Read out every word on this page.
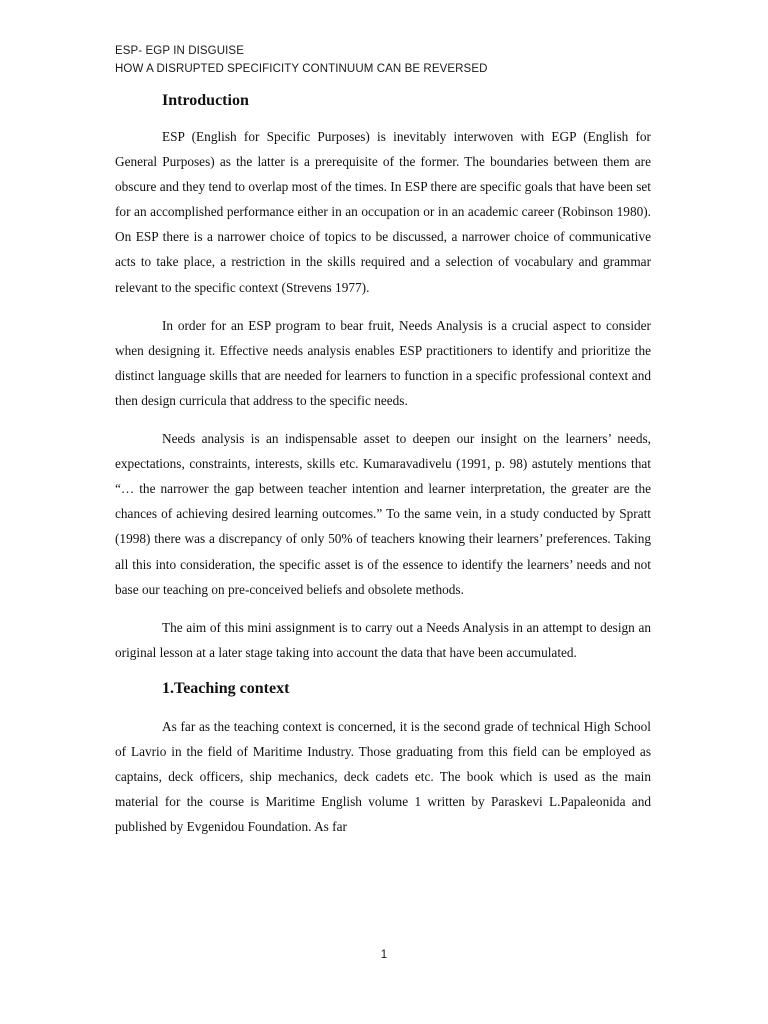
ESP- EGP IN DISGUISE
HOW A DISRUPTED SPECIFICITY CONTINUUM CAN BE REVERSED
Introduction

ESP (English for Specific Purposes) is inevitably interwoven with EGP (English for General Purposes) as the latter is a prerequisite of the former. The boundaries between them are obscure and they tend to overlap most of the times. In ESP there are specific goals that have been set for an accomplished performance either in an occupation or in an academic career (Robinson 1980). On ESP there is a narrower choice of topics to be discussed, a narrower choice of communicative acts to take place, a restriction in the skills required and a selection of vocabulary and grammar relevant to the specific context (Strevens 1977).

In order for an ESP program to bear fruit, Needs Analysis is a crucial aspect to consider when designing it. Effective needs analysis enables ESP practitioners to identify and prioritize the distinct language skills that are needed for learners to function in a specific professional context and then design curricula that address to the specific needs.

Needs analysis is an indispensable asset to deepen our insight on the learners’ needs, expectations, constraints, interests, skills etc. Kumaravadivelu (1991, p. 98) astutely mentions that “… the narrower the gap between teacher intention and learner interpretation, the greater are the chances of achieving desired learning outcomes.” To the same vein, in a study conducted by Spratt (1998) there was a discrepancy of only 50% of teachers knowing their learners’ preferences. Taking all this into consideration, the specific asset is of the essence to identify the learners’ needs and not base our teaching on pre-conceived beliefs and obsolete methods.

The aim of this mini assignment is to carry out a Needs Analysis in an attempt to design an original lesson at a later stage taking into account the data that have been accumulated.

1.Teaching context

As far as the teaching context is concerned, it is the second grade of technical High School of Lavrio in the field of Maritime Industry. Those graduating from this field can be employed as captains, deck officers, ship mechanics, deck cadets etc. The book which is used as the main material for the course is Maritime English volume 1 written by Paraskevi L.Papaleonida and published by Evgenidou Foundation. As far

1
